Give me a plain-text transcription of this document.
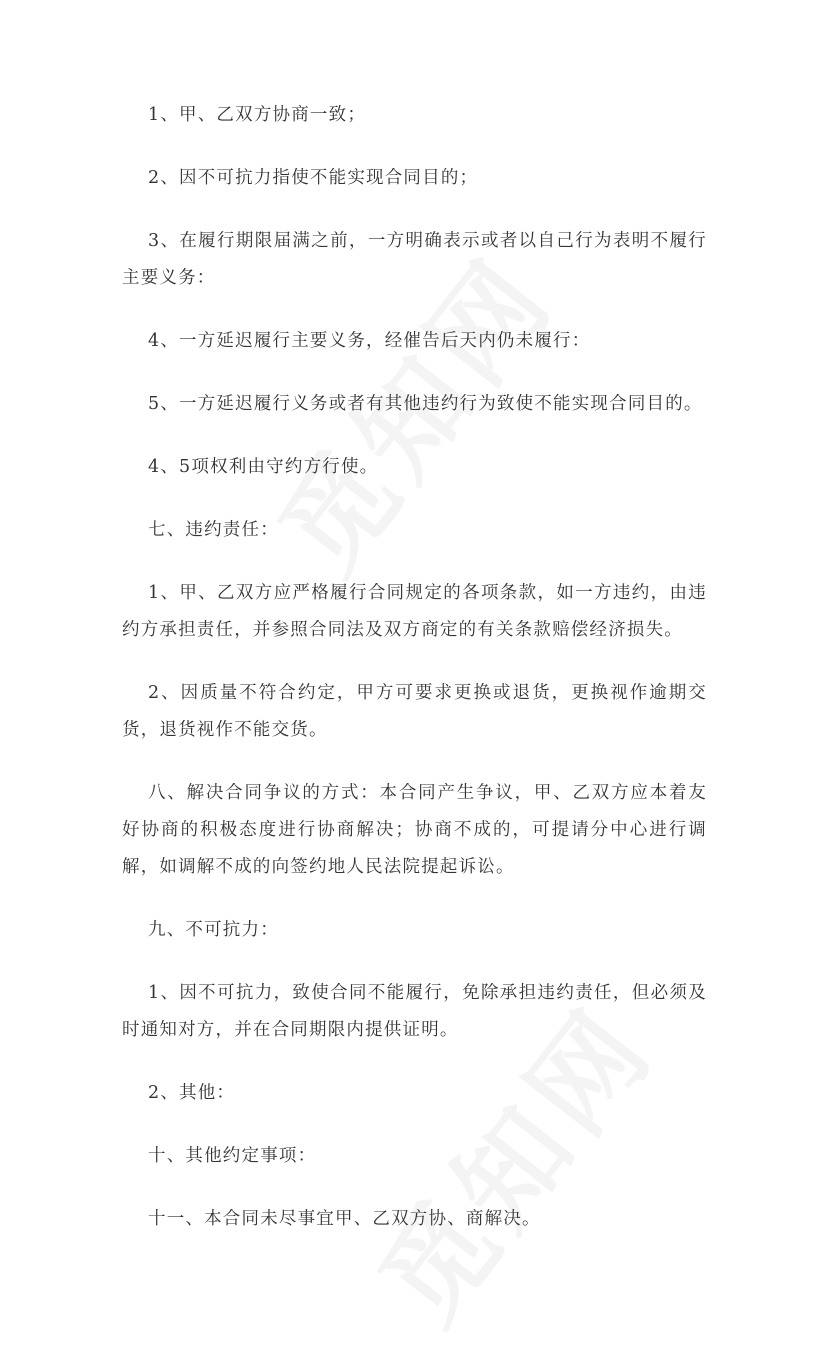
1、甲、乙双方协商一致；

2、因不可抗力指使不能实现合同目的；

3、在履行期限届满之前，一方明确表示或者以自己行为表明不履行主要义务：

4、一方延迟履行主要义务，经催告后天内仍未履行：

5、一方延迟履行义务或者有其他违约行为致使不能实现合同目的。

4、5项权利由守约方行使。

七、违约责任：

1、甲、乙双方应严格履行合同规定的各项条款，如一方违约，由违约方承担责任，并参照合同法及双方商定的有关条款赔偿经济损失。

2、因质量不符合约定，甲方可要求更换或退货，更换视作逾期交货，退货视作不能交货。

八、解决合同争议的方式：本合同产生争议，甲、乙双方应本着友好协商的积极态度进行协商解决；协商不成的，可提请分中心进行调解，如调解不成的向签约地人民法院提起诉讼。

九、不可抗力：

1、因不可抗力，致使合同不能履行，免除承担违约责任，但必须及时通知对方，并在合同期限内提供证明。

2、其他：

十、其他约定事项：

十一、本合同未尽事宜甲、乙双方协、商解决。
